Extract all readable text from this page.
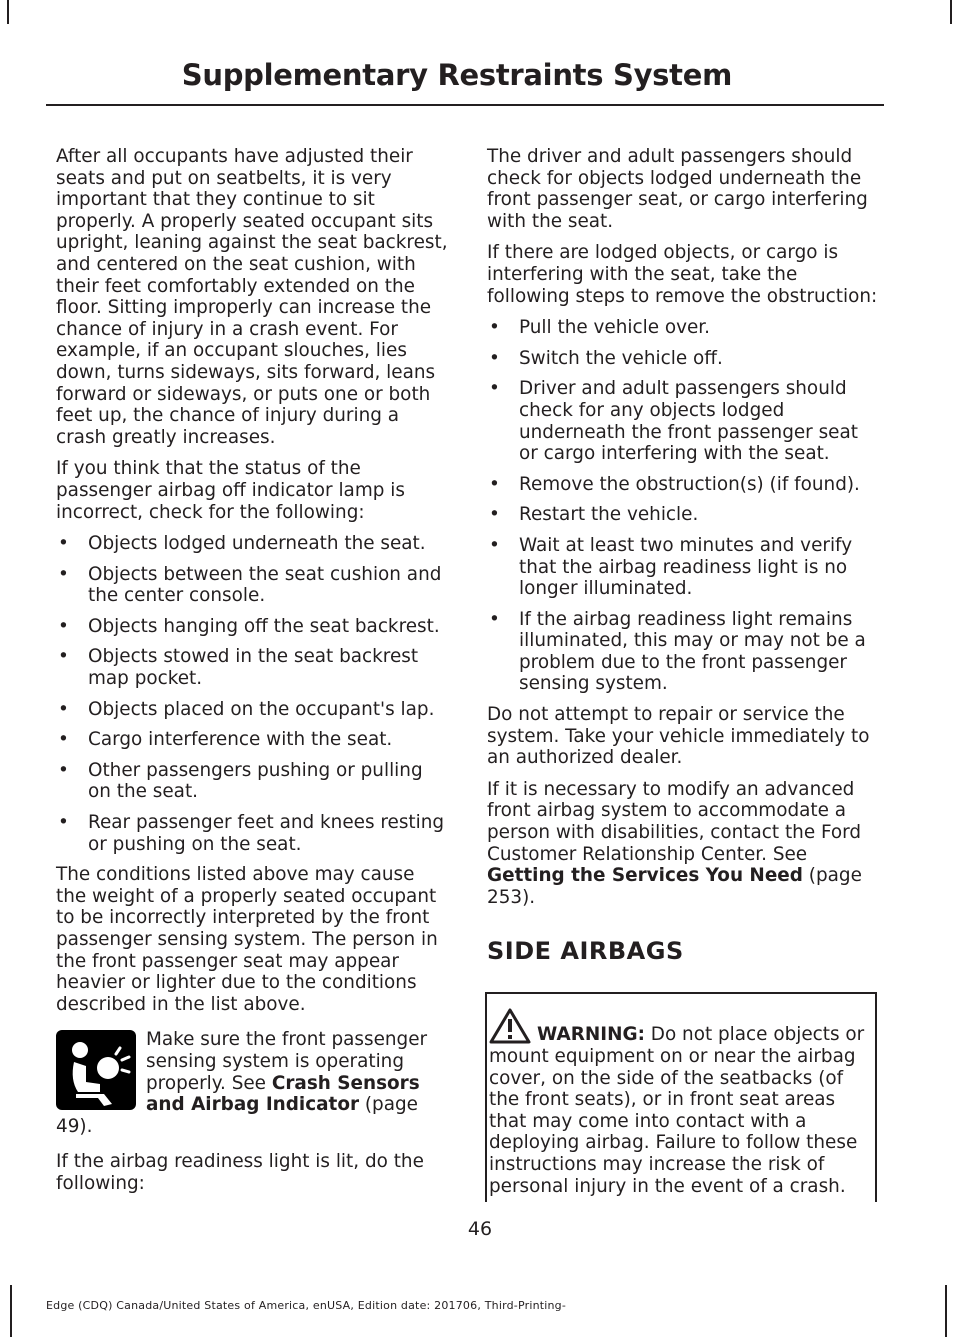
Supplementary Restraints System

After all occupants have adjusted their seats and put on seatbelts, it is very important that they continue to sit properly. A properly seated occupant sits upright, leaning against the seat backrest, and centered on the seat cushion, with their feet comfortably extended on the floor. Sitting improperly can increase the chance of injury in a crash event. For example, if an occupant slouches, lies down, turns sideways, sits forward, leans forward or sideways, or puts one or both feet up, the chance of injury during a crash greatly increases.

If you think that the status of the passenger airbag off indicator lamp is incorrect, check for the following:

• Objects lodged underneath the seat.
• Objects between the seat cushion and the center console.
• Objects hanging off the seat backrest.
• Objects stowed in the seat backrest map pocket.
• Objects placed on the occupant's lap.
• Cargo interference with the seat.
• Other passengers pushing or pulling on the seat.
• Rear passenger feet and knees resting or pushing on the seat.

The conditions listed above may cause the weight of a properly seated occupant to be incorrectly interpreted by the front passenger sensing system. The person in the front passenger seat may appear heavier or lighter due to the conditions described in the list above.

Make sure the front passenger sensing system is operating properly. See Crash Sensors and Airbag Indicator (page 49).

If the airbag readiness light is lit, do the following:

The driver and adult passengers should check for objects lodged underneath the front passenger seat, or cargo interfering with the seat.

If there are lodged objects, or cargo is interfering with the seat, take the following steps to remove the obstruction:

• Pull the vehicle over.
• Switch the vehicle off.
• Driver and adult passengers should check for any objects lodged underneath the front passenger seat or cargo interfering with the seat.
• Remove the obstruction(s) (if found).
• Restart the vehicle.
• Wait at least two minutes and verify that the airbag readiness light is no longer illuminated.
• If the airbag readiness light remains illuminated, this may or may not be a problem due to the front passenger sensing system.

Do not attempt to repair or service the system. Take your vehicle immediately to an authorized dealer.

If it is necessary to modify an advanced front airbag system to accommodate a person with disabilities, contact the Ford Customer Relationship Center. See Getting the Services You Need (page 253).

SIDE AIRBAGS
WARNING: Do not place objects or mount equipment on or near the airbag cover, on the side of the seatbacks (of the front seats), or in front seat areas that may come into contact with a deploying airbag. Failure to follow these instructions may increase the risk of personal injury in the event of a crash.
46
Edge (CDQ) Canada/United States of America, enUSA, Edition date: 201706, Third-Printing-
